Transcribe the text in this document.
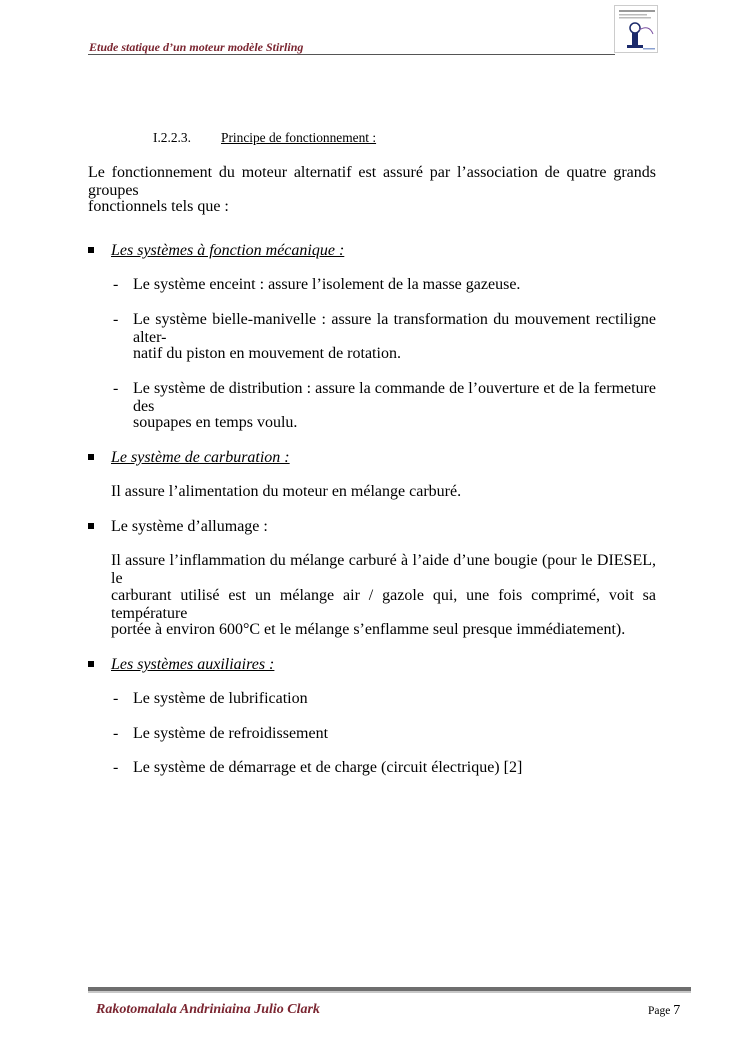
Etude statique d’un moteur modèle Stirling
I.2.2.3. Principe de fonctionnement :
Le fonctionnement du moteur alternatif est assuré par l’association de quatre grands groupes
fonctionnels tels que :
Les systèmes à fonction mécanique :
- Le système enceint : assure l’isolement de la masse gazeuse.
- Le système bielle-manivelle : assure la transformation du mouvement rectiligne alter-
natif du piston en mouvement de rotation.
- Le système de distribution : assure la commande de l’ouverture et de la fermeture des
soupapes en temps voulu.
Le système de carburation :
Il assure l’alimentation du moteur en mélange carburé.
Le système d’allumage :
Il assure l’inflammation du mélange carburé à l’aide d’une bougie (pour le DIESEL, le
carburant utilisé est un mélange air / gazole qui, une fois comprimé, voit sa température
portée à environ 600°C et le mélange s’enflamme seul presque immédiatement).
Les systèmes auxiliaires :
- Le système de lubrification
- Le système de refroidissement
- Le système de démarrage et de charge (circuit électrique) [2]
Rakotomalala Andriniaina Julio Clark	Page 7
